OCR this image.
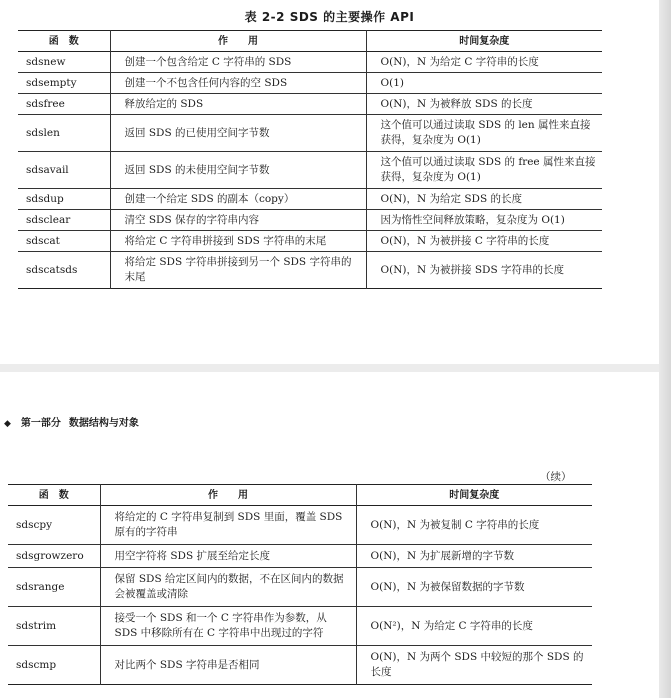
表 2-2 SDS 的主要操作 API
函　数	作　　用	时间复杂度
sdsnew	创建一个包含给定 C 字符串的 SDS	O(N)，N 为给定 C 字符串的长度
sdsempty	创建一个不包含任何内容的空 SDS	O(1)
sdsfree	释放给定的 SDS	O(N)，N 为被释放 SDS 的长度
sdslen	返回 SDS 的已使用空间字节数	这个值可以通过读取 SDS 的 len 属性来直接获得，复杂度为 O(1)
sdsavail	返回 SDS 的未使用空间字节数	这个值可以通过读取 SDS 的 free 属性来直接获得，复杂度为 O(1)
sdsdup	创建一个给定 SDS 的副本（copy）	O(N)，N 为给定 SDS 的长度
sdsclear	清空 SDS 保存的字符串内容	因为惰性空间释放策略，复杂度为 O(1)
sdscat	将给定 C 字符串拼接到 SDS 字符串的末尾	O(N)，N 为被拼接 C 字符串的长度
sdscatsds	将给定 SDS 字符串拼接到另一个 SDS 字符串的末尾	O(N)，N 为被拼接 SDS 字符串的长度
◆ 第一部分 数据结构与对象
（续）
函　数	作　　用	时间复杂度
sdscpy	将给定的 C 字符串复制到 SDS 里面，覆盖 SDS 原有的字符串	O(N)，N 为被复制 C 字符串的长度
sdsgrowzero	用空字符将 SDS 扩展至给定长度	O(N)，N 为扩展新增的字节数
sdsrange	保留 SDS 给定区间内的数据，不在区间内的数据会被覆盖或清除	O(N)，N 为被保留数据的字节数
sdstrim	接受一个 SDS 和一个 C 字符串作为参数，从 SDS 中移除所有在 C 字符串中出现过的字符	O(N²)，N 为给定 C 字符串的长度
sdscmp	对比两个 SDS 字符串是否相同	O(N)，N 为两个 SDS 中较短的那个 SDS 的长度
